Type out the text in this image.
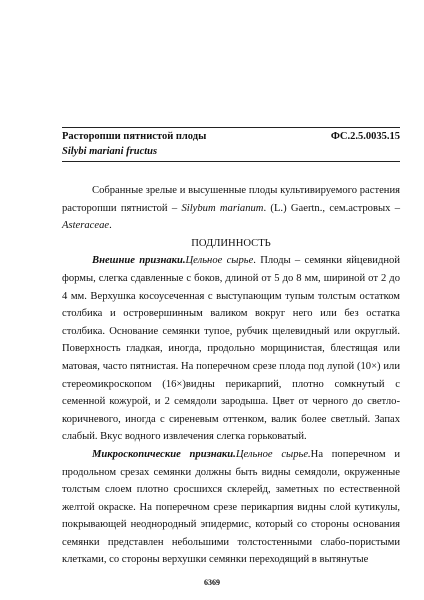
Расторопши пятнистой плоды	ФС.2.5.0035.15
Silybi mariani fructus

Собранные зрелые и высушенные плоды культивируемого растения расторопши пятнистой – Silybum marianum. (L.) Gaertn., сем.астровых – Asteraceae.

ПОДЛИННОСТЬ

Внешние признаки.Цельное сырье. Плоды – семянки яйцевидной формы, слегка сдавленные с боков, длиной от 5 до 8 мм, шириной от 2 до 4 мм. Верхушка косоусеченная с выступающим тупым толстым остатком столбика и островершинным валиком вокруг него или без остатка столбика. Основание семянки тупое, рубчик щелевидный или округлый. Поверхность гладкая, иногда, продольно морщинистая, блестящая или матовая, часто пятнистая. На поперечном срезе плода под лупой (10×) или стереомикроскопом (16×)видны перикарпий, плотно сомкнутый с семенной кожурой, и 2 семядоли зародыша. Цвет от черного до светло-коричневого, иногда с сиреневым оттенком, валик более светлый. Запах слабый. Вкус водного извлечения слегка горьковатый.

Микроскопические признаки.Цельное сырье.На поперечном и продольном срезах семянки должны быть видны семядоли, окруженные толстым слоем плотно сросшихся склерейд, заметных по естественной желтой окраске. На поперечном срезе перикарпия видны слой кутикулы, покрывающей неоднородный эпидермис, который со стороны основания семянки представлен небольшими толстостенными слабо-пористыми клетками, со стороны верхушки семянки переходящий в вытянутые

6369
